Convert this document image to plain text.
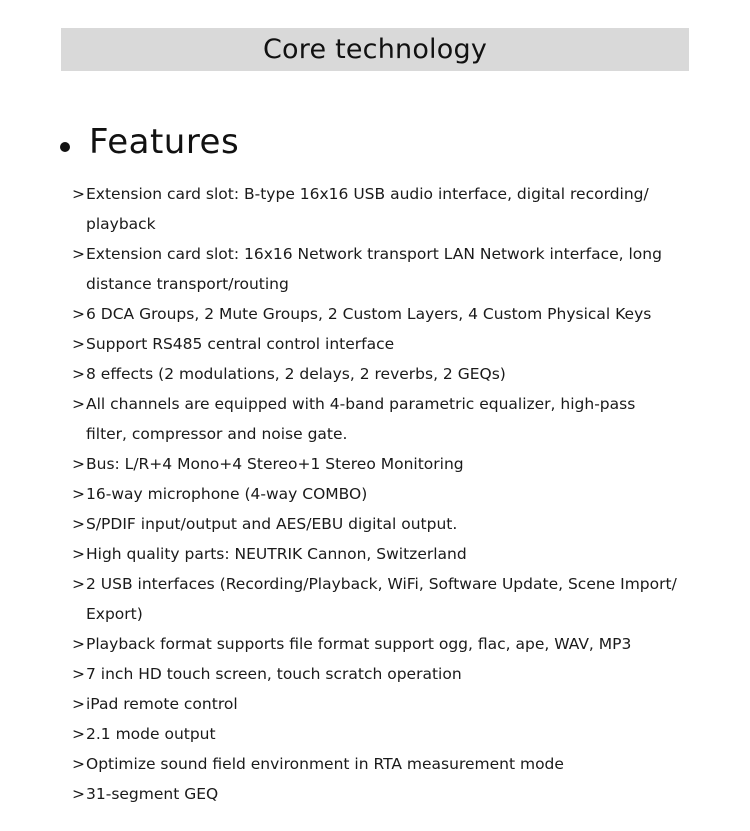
Core technology
Features
> Extension card slot: B-type 16x16 USB audio interface, digital recording/
playback
> Extension card slot: 16x16 Network transport LAN Network interface, long
distance transport/routing
> 6 DCA Groups, 2 Mute Groups, 2 Custom Layers, 4 Custom Physical Keys
> Support RS485 central control interface
> 8 effects (2 modulations, 2 delays, 2 reverbs, 2 GEQs)
> All channels are equipped with 4-band parametric equalizer, high-pass
filter, compressor and noise gate.
> Bus: L/R+4 Mono+4 Stereo+1 Stereo Monitoring
> 16-way microphone (4-way COMBO)
> S/PDIF input/output and AES/EBU digital output.
> High quality parts: NEUTRIK Cannon, Switzerland
> 2 USB interfaces (Recording/Playback, WiFi, Software Update, Scene Import/
Export)
> Playback format supports file format support ogg, flac, ape, WAV, MP3
> 7 inch HD touch screen, touch scratch operation
> iPad remote control
> 2.1 mode output
> Optimize sound field environment in RTA measurement mode
> 31-segment GEQ
